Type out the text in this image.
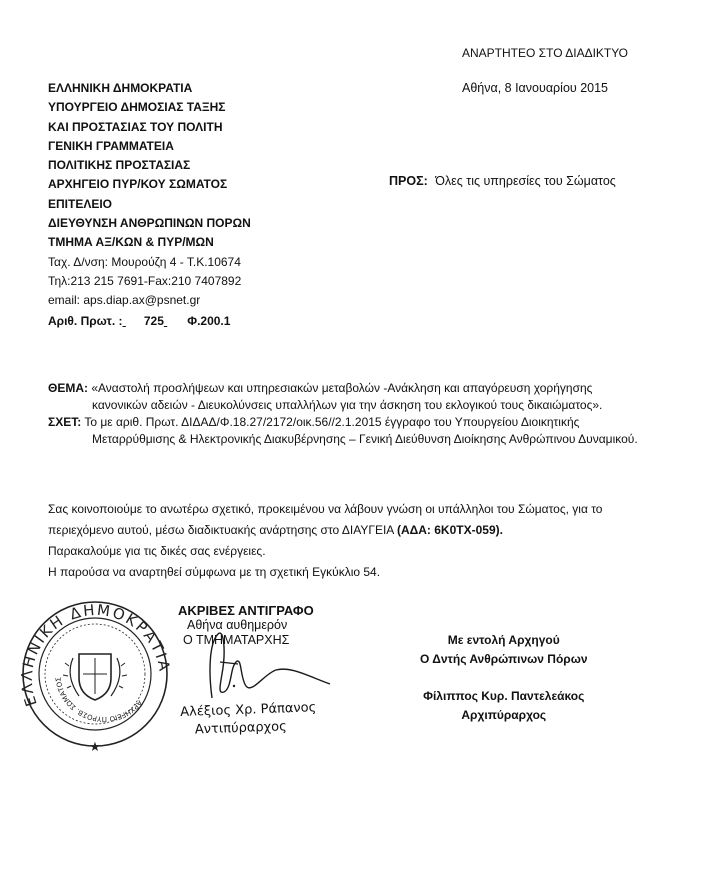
ΑΝΑΡΤΗΤΕΟ ΣΤΟ ΔΙΑΔΙΚΤΥΟ
Αθήνα, 8 Ιανουαρίου 2015
ΕΛΛΗΝΙΚΗ ΔΗΜΟΚΡΑΤΙΑ
ΥΠΟΥΡΓΕΙΟ ΔΗΜΟΣΙΑΣ ΤΑΞΗΣ
ΚΑΙ ΠΡΟΣΤΑΣΙΑΣ ΤΟΥ ΠΟΛΙΤΗ
ΓΕΝΙΚΗ ΓΡΑΜΜΑΤΕΙΑ
ΠΟΛΙΤΙΚΗΣ ΠΡΟΣΤΑΣΙΑΣ
ΑΡΧΗΓΕΙΟ ΠΥΡ/ΚΟΥ ΣΩΜΑΤΟΣ
ΕΠΙΤΕΛΕΙΟ
ΔΙΕΥΘΥΝΣΗ ΑΝΘΡΩΠΙΝΩΝ ΠΟΡΩΝ
ΤΜΗΜΑ ΑΞ/ΚΩΝ & ΠΥΡ/ΜΩΝ
Ταχ. Δ/νση: Μουρούζη 4 - Τ.Κ.10674
Τηλ:213 215 7691-Fax:210 7407892
email: aps.diap.ax@psnet.gr
Αριθ. Πρωτ. : 725 Φ.200.1
ΠΡΟΣ: Όλες τις υπηρεσίες του Σώματος

ΘΕΜΑ: «Αναστολή προσλήψεων και υπηρεσιακών μεταβολών -Ανάκληση και απαγόρευση χορήγησης

κανονικών αδειών - Διευκολύνσεις υπαλλήλων για την άσκηση του εκλογικού τους δικαιώματος».

ΣΧΕΤ: Το με αριθ. Πρωτ. ΔΙΔΑΔ/Φ.18.27/2172/οικ.56//2.1.2015 έγγραφο του Υπουργείου Διοικητικής

Μεταρρύθμισης & Ηλεκτρονικής Διακυβέρνησης – Γενική Διεύθυνση Διοίκησης Ανθρώπινου Δυναμικού.

Σας κοινοποιούμε το ανωτέρω σχετικό, προκειμένου να λάβουν γνώση οι υπάλληλοι του Σώματος, για το

περιεχόμενο αυτού, μέσω διαδικτυακής ανάρτησης στο ΔΙΑΥΓΕΙΑ (ΑΔΑ: 6Κ0ΤΧ-059).

Παρακαλούμε για τις δικές σας ενέργειες.

Η παρούσα να αναρτηθεί σύμφωνα με τη σχετική Εγκύκλιο 54.

ΕΛΛΗΝΙΚΗ ΔΗΜΟΚΡΑΤΙΑ
ΑΡΧΗΓΕΙΟ ΠΥΡΟΣΒ. ΣΩΜΑΤΟΣ
★
ΑΚΡΙΒΕΣ ΑΝΤΙΓΡΑΦΟ
Αθήνα αυθημερόν
Ο ΤΜΗΜΑΤΑΡΧΗΣ
Αλέξιος Χρ. Ράπανος
Αντιπύραρχος
Με εντολή Αρχηγού
Ο Δντής Ανθρώπινων Πόρων
Φίλιππος Κυρ. Παντελεάκος
Αρχιπύραρχος
